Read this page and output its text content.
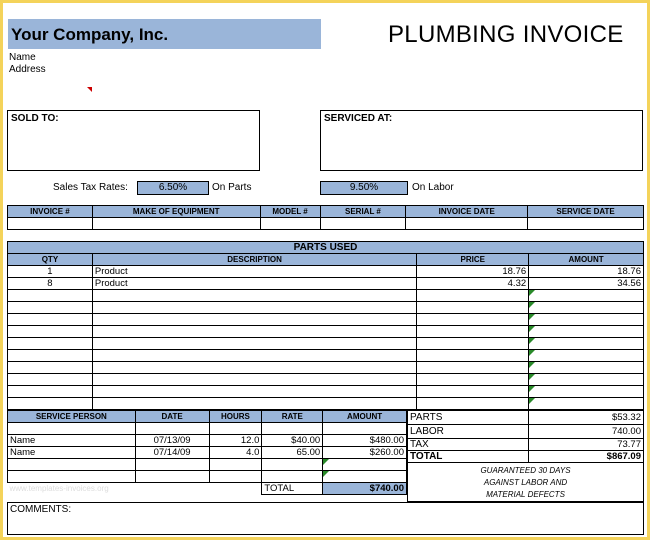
Your Company, Inc.	PLUMBING INVOICE
Name
Address
SOLD TO:	SERVICED AT:
Sales Tax Rates:	6.50%	On Parts	9.50%	On Labor
INVOICE #	MAKE OF EQUIPMENT	MODEL #	SERIAL #	INVOICE DATE	SERVICE DATE

PARTS USED			
QTY	DESCRIPTION	PRICE	AMOUNT
1	Product	18.76	18.76
8	Product	4.32	34.56

SERVICE PERSON	DATE	HOURS	RATE	AMOUNT

Name	07/13/09	12.0	$40.00	$480.00
Name	07/14/09	4.0	65.00	$260.00

www.templates-invoices.org			TOTAL	$740.00
PARTS	$53.32
LABOR	740.00
TAX	73.77
TOTAL	$867.09
GUARANTEED 30 DAYS
AGAINST LABOR AND
MATERIAL DEFECTS
COMMENTS:
